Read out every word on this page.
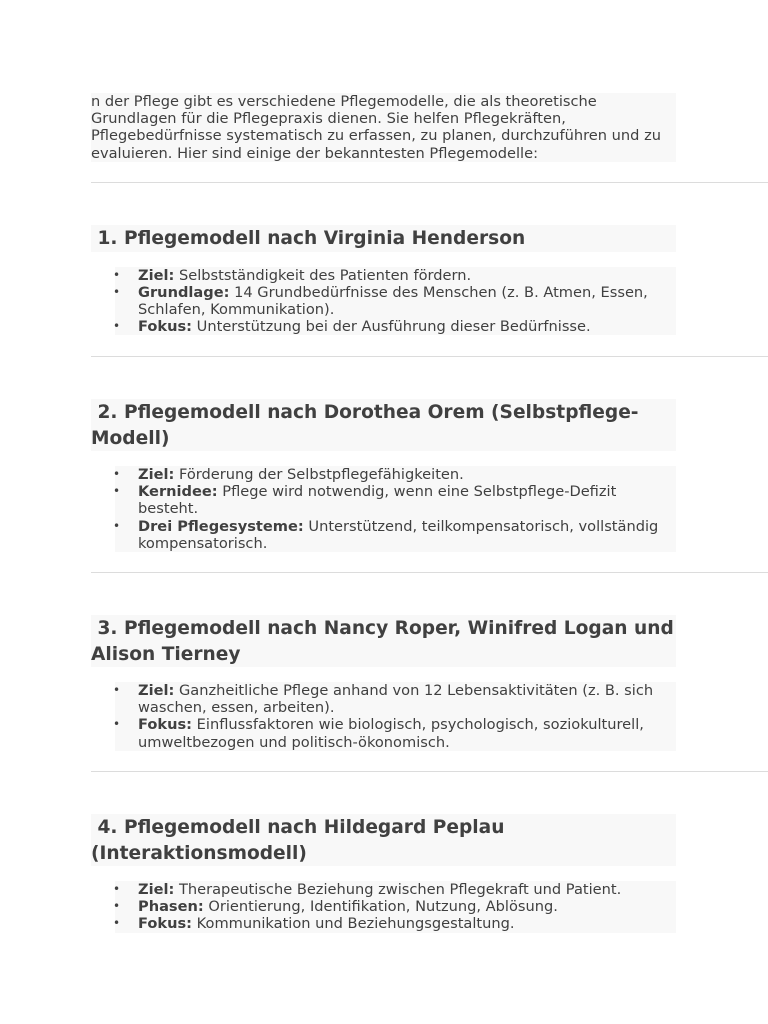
n der Pflege gibt es verschiedene Pflegemodelle, die als theoretische Grundlagen für die Pflegepraxis dienen. Sie helfen Pflegekräften, Pflegebedürfnisse systematisch zu erfassen, zu planen, durchzuführen und zu evaluieren. Hier sind einige der bekanntesten Pflegemodelle:

1. Pflegemodell nach Virginia Henderson
• Ziel: Selbstständigkeit des Patienten fördern.
• Grundlage: 14 Grundbedürfnisse des Menschen (z. B. Atmen, Essen, Schlafen, Kommunikation).
• Fokus: Unterstützung bei der Ausführung dieser Bedürfnisse.
2. Pflegemodell nach Dorothea Orem (Selbstpflege-Modell)
• Ziel: Förderung der Selbstpflegefähigkeiten.
• Kernidee: Pflege wird notwendig, wenn eine Selbstpflege-Defizit besteht.
• Drei Pflegesysteme: Unterstützend, teilkompensatorisch, vollständig kompensatorisch.
3. Pflegemodell nach Nancy Roper, Winifred Logan und Alison Tierney
• Ziel: Ganzheitliche Pflege anhand von 12 Lebensaktivitäten (z. B. sich waschen, essen, arbeiten).
• Fokus: Einflussfaktoren wie biologisch, psychologisch, soziokulturell, umweltbezogen und politisch-ökonomisch.
4. Pflegemodell nach Hildegard Peplau (Interaktionsmodell)
• Ziel: Therapeutische Beziehung zwischen Pflegekraft und Patient.
• Phasen: Orientierung, Identifikation, Nutzung, Ablösung.
• Fokus: Kommunikation und Beziehungsgestaltung.
